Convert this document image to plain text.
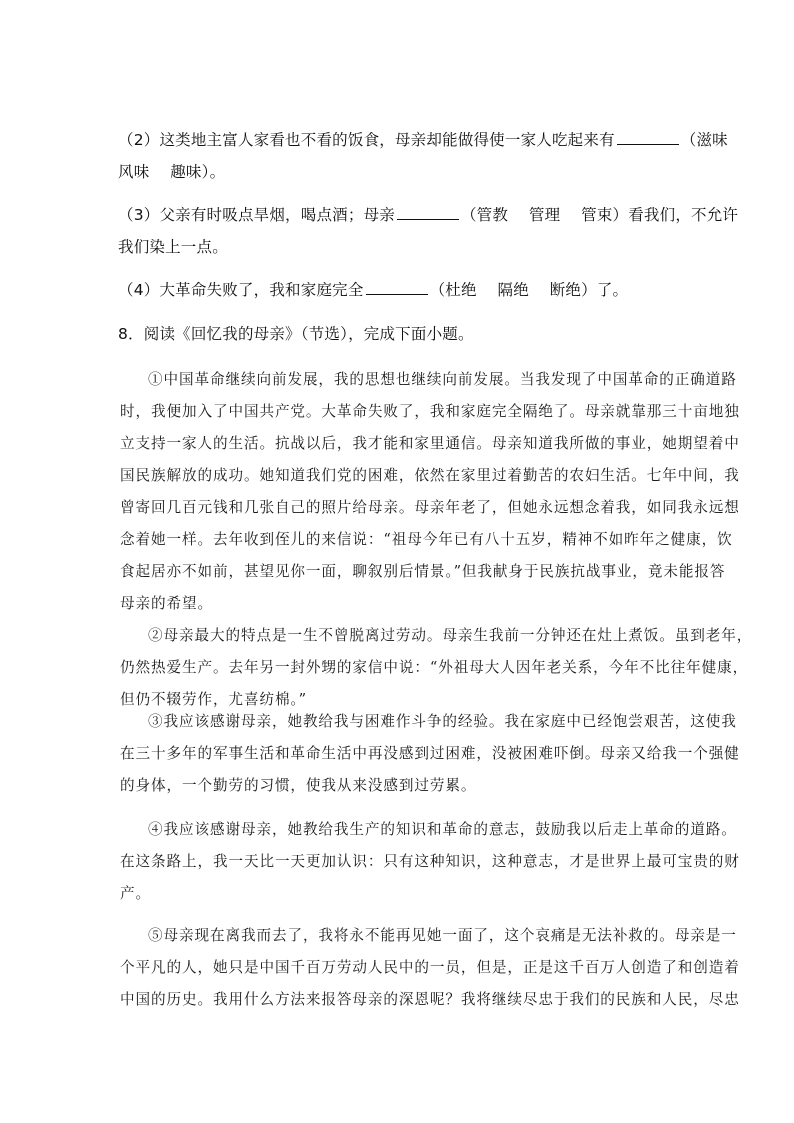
（2）这类地主富人家看也不看的饭食，母亲却能做得使一家人吃起来有	（滋味
风味　 趣味）。
（3）父亲有时吸点旱烟，喝点酒；母亲	（管教　 管理　 管束）看我们，不允许
我们染上一点。
（4）大革命失败了，我和家庭完全	（杜绝　 隔绝　 断绝）了。
8．阅读《回忆我的母亲》（节选），完成下面小题。
①中国革命继续向前发展，我的思想也继续向前发展。当我发现了中国革命的正确道路
时，我便加入了中国共产党。大革命失败了，我和家庭完全隔绝了。母亲就靠那三十亩地独
立支持一家人的生活。抗战以后，我才能和家里通信。母亲知道我所做的事业，她期望着中
国民族解放的成功。她知道我们党的困难，依然在家里过着勤苦的农妇生活。七年中间，我
曾寄回几百元钱和几张自己的照片给母亲。母亲年老了，但她永远想念着我，如同我永远想
念着她一样。去年收到侄儿的来信说：“祖母今年已有八十五岁，精神不如昨年之健康，饮
食起居亦不如前，甚望见你一面，聊叙别后情景。”但我献身于民族抗战事业，竟未能报答
母亲的希望。
②母亲最大的特点是一生不曾脱离过劳动。母亲生我前一分钟还在灶上煮饭。虽到老年，
仍然热爱生产。去年另一封外甥的家信中说：“外祖母大人因年老关系，今年不比往年健康，
但仍不辍劳作，尤喜纺棉。”
③我应该感谢母亲，她教给我与困难作斗争的经验。我在家庭中已经饱尝艰苦，这使我
在三十多年的军事生活和革命生活中再没感到过困难，没被困难吓倒。母亲又给我一个强健
的身体，一个勤劳的习惯，使我从来没感到过劳累。
④我应该感谢母亲，她教给我生产的知识和革命的意志，鼓励我以后走上革命的道路。
在这条路上，我一天比一天更加认识：只有这种知识，这种意志，才是世界上最可宝贵的财
产。
⑤母亲现在离我而去了，我将永不能再见她一面了，这个哀痛是无法补救的。母亲是一
个平凡的人，她只是中国千百万劳动人民中的一员，但是，正是这千百万人创造了和创造着
中国的历史。我用什么方法来报答母亲的深恩呢？我将继续尽忠于我们的民族和人民，尽忠
